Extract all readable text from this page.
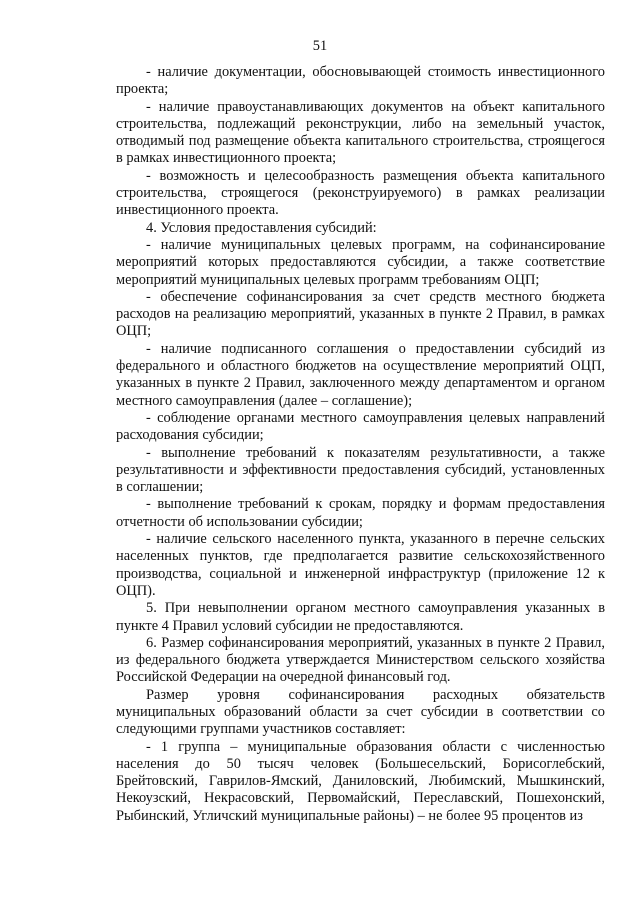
51

- наличие документации, обосновывающей стоимость инвестиционного проекта;

- наличие правоустанавливающих документов на объект капитального строительства, подлежащий реконструкции, либо на земельный участок, отводимый под размещение объекта капитального строительства, строящегося в рамках инвестиционного проекта;

- возможность и целесообразность размещения объекта капитального строительства, строящегося (реконструируемого) в рамках реализации инвестиционного проекта.

4. Условия предоставления субсидий:

- наличие муниципальных целевых программ, на софинансирование мероприятий которых предоставляются субсидии, а также соответствие мероприятий муниципальных целевых программ требованиям ОЦП;

- обеспечение софинансирования за счет средств местного бюджета расходов на реализацию мероприятий, указанных в пункте 2 Правил, в рамках ОЦП;

- наличие подписанного соглашения о предоставлении субсидий из федерального и областного бюджетов на осуществление мероприятий ОЦП, указанных в пункте 2 Правил, заключенного между департаментом и органом местного самоуправления (далее – соглашение);

- соблюдение органами местного самоуправления целевых направлений расходования субсидии;

- выполнение требований к показателям результативности, а также результативности и эффективности предоставления субсидий, установленных в соглашении;

- выполнение требований к срокам, порядку и формам предоставления отчетности об использовании субсидии;

- наличие сельского населенного пункта, указанного в перечне сельских населенных пунктов, где предполагается развитие сельскохозяйственного производства, социальной и инженерной инфраструктур (приложение 12 к ОЦП).

5. При невыполнении органом местного самоуправления указанных в пункте 4 Правил условий субсидии не предоставляются.

6. Размер софинансирования мероприятий, указанных в пункте 2 Правил, из федерального бюджета утверждается Министерством сельского хозяйства Российской Федерации на очередной финансовый год.

Размер уровня софинансирования расходных обязательств муниципальных образований области за счет субсидии в соответствии со следующими группами участников составляет:

- 1 группа – муниципальные образования области с численностью населения до 50 тысяч человек (Большесельский, Борисоглебский, Брейтовский, Гаврилов-Ямский, Даниловский, Любимский, Мышкинский, Некоузский, Некрасовский, Первомайский, Переславский, Пошехонский, Рыбинский, Угличский муниципальные районы) – не более 95 процентов из
